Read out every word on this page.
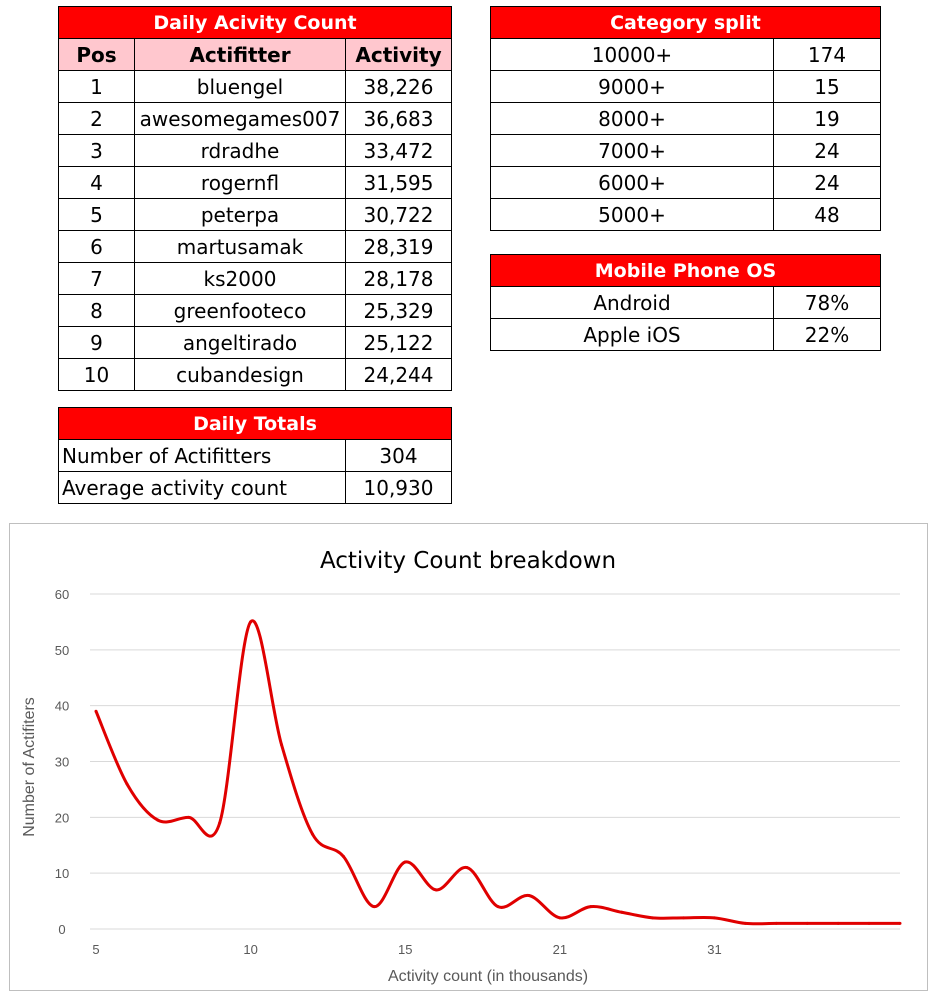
Daily Acivity Count		
Pos	Actifitter	Activity
1	bluengel	38,226
2	awesomegames007	36,683
3	rdradhe	33,472
4	rogernfl	31,595
5	peterpa	30,722
6	martusamak	28,319
7	ks2000	28,178
8	greenfooteco	25,329
9	angeltirado	25,122
10	cubandesign	24,244
Category split	
10000+	174
9000+	15
8000+	19
7000+	24
6000+	24
5000+	48
Mobile Phone OS	
Android	78%
Apple iOS	22%
Daily Totals	
Number of Actifitters	304
Average activity count	10,930
Activity Count breakdown
0
10
20
30
40
50
60
5	10	15	21	31
Activity count (in thousands)
Number of Actifiters
